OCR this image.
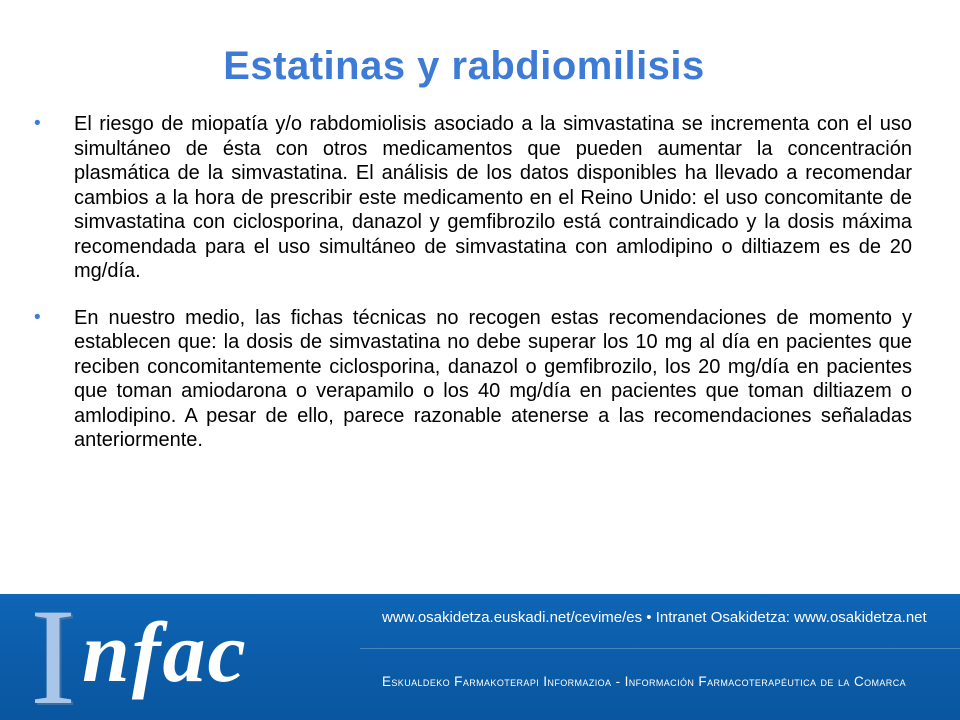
Estatinas y rabdiomilisis
• El riesgo de miopatía y/o rabdomiolisis asociado a la simvastatina se incrementa con el uso simultáneo de ésta con otros medicamentos que pueden aumentar la concentración plasmática de la simvastatina. El análisis de los datos disponibles ha llevado a recomendar cambios a la hora de prescribir este medicamento en el Reino Unido: el uso concomitante de simvastatina con ciclosporina, danazol y gemfibrozilo está contraindicado y la dosis máxima recomendada para el uso simultáneo de simvastatina con amlodipino o diltiazem es de 20 mg/día.
• En nuestro medio, las fichas técnicas no recogen estas recomendaciones de momento y establecen que: la dosis de simvastatina no debe superar los 10 mg al día en pacientes que reciben concomitantemente ciclosporina, danazol o gemfibrozilo, los 20 mg/día en pacientes que toman amiodarona o verapamilo o los 40 mg/día en pacientes que toman diltiazem o amlodipino. A pesar de ello, parece razonable atenerse a las recomendaciones señaladas anteriormente.
I nfac	www.osakidetza.euskadi.net/cevime/es • Intranet Osakidetza: www.osakidetza.net
Eskualdeko Farmakoterapi Informazioa - Información Farmacoterapéutica de la Comarca
